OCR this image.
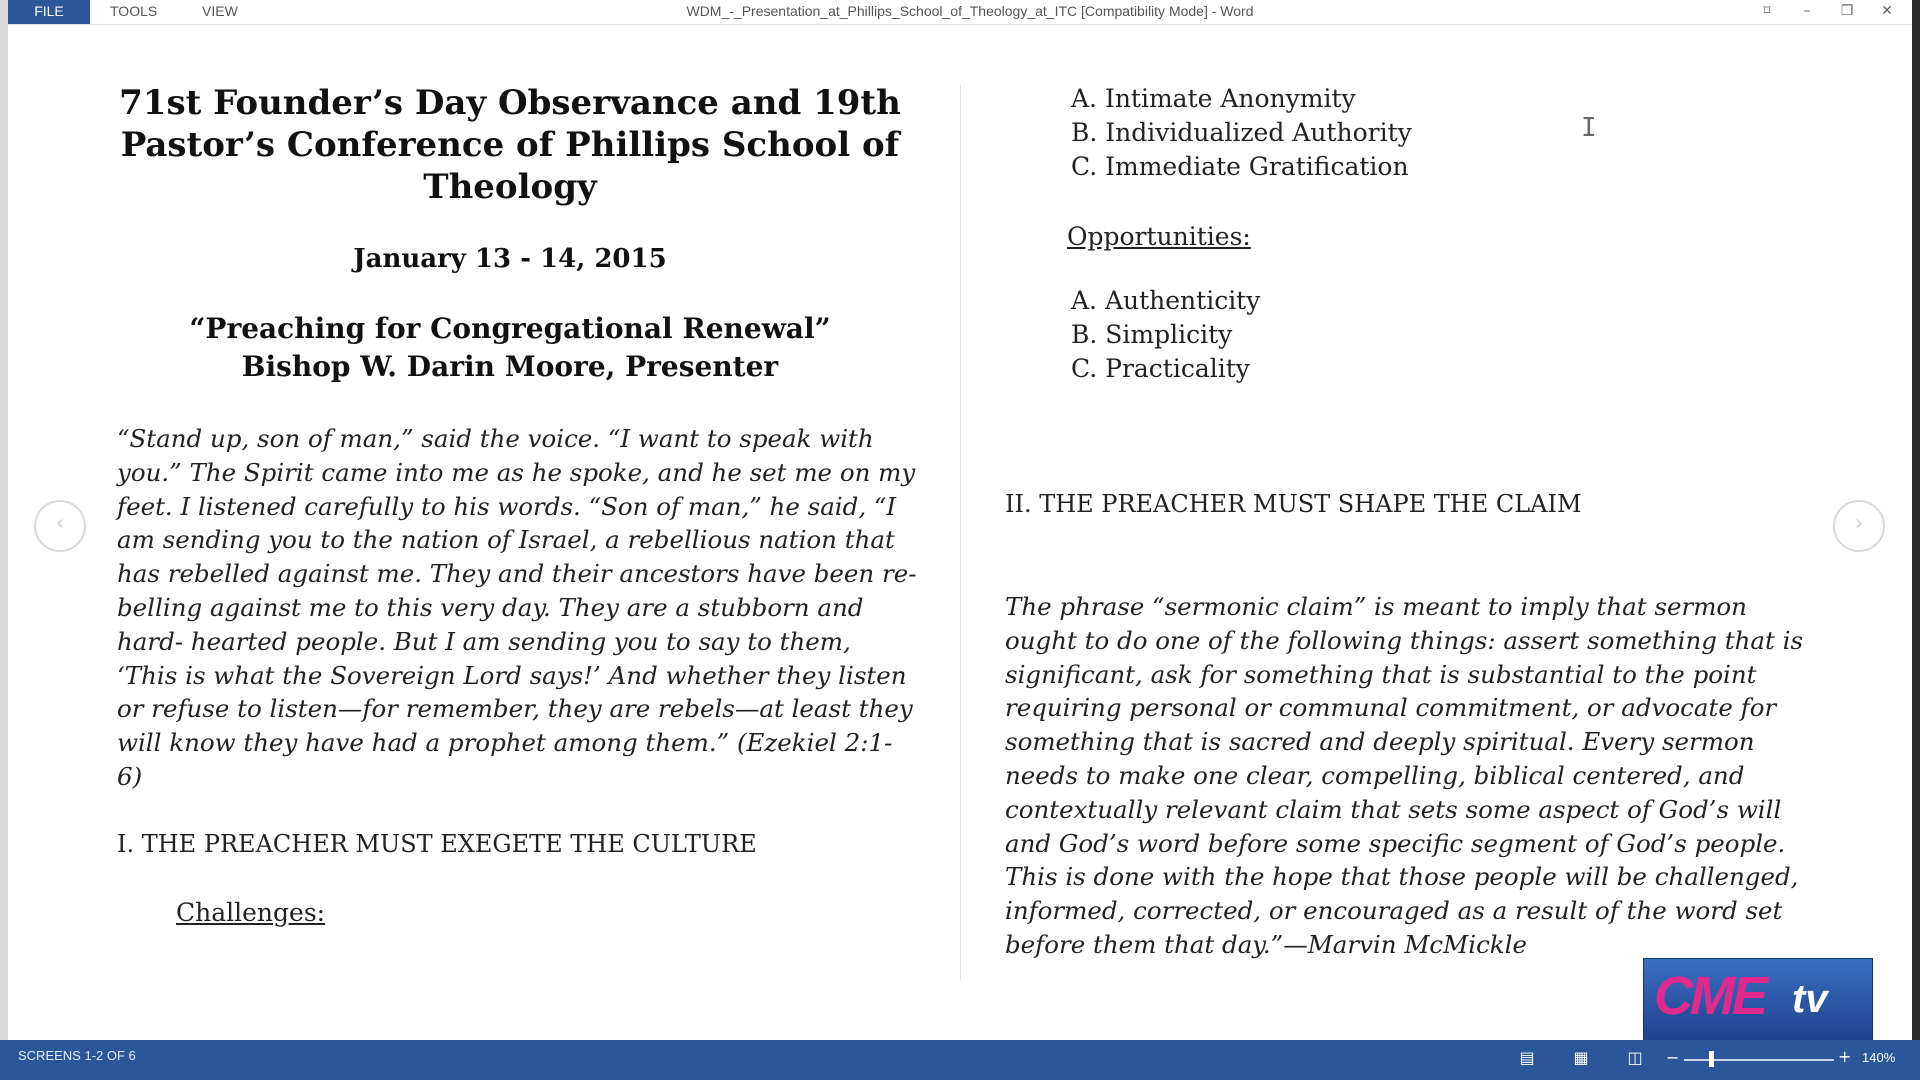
FILE	TOOLS	VIEW	WDM_-_Presentation_at_Phillips_School_of_Theology_at_ITC [Compatibility Mode] - Word	⌑	–	❐	✕
71st Founder’s Day Observance and 19th Pastor’s Conference of Phillips School of Theology
January 13 - 14, 2015
“Preaching for Congregational Renewal”
Bishop W. Darin Moore, Presenter
“Stand up, son of man,” said the voice. “I want to speak with you.” The Spirit came into me as he spoke, and he set me on my feet. I listened carefully to his words. “Son of man,” he said, “I am sending you to the nation of Israel, a rebellious nation that has rebelled against me. They and their ancestors have been re-belling against me to this very day. They are a stubborn and hard- hearted people. But I am sending you to say to them, ‘This is what the Sovereign Lord says!’ And whether they listen or refuse to listen—for remember, they are rebels—at least they will know they have had a prophet among them.” (Ezekiel 2:1-6)
I. THE PREACHER MUST EXEGETE THE CULTURE
Challenges:
A. Intimate Anonymity
B. Individualized Authority
C. Immediate Gratification
Opportunities:
A. Authenticity
B. Simplicity
C. Practicality
II. THE PREACHER MUST SHAPE THE CLAIM
The phrase “sermonic claim” is meant to imply that sermon ought to do one of the following things: assert something that is significant, ask for something that is substantial to the point requiring personal or communal commitment, or advocate for something that is sacred and deeply spiritual. Every sermon needs to make one clear, compelling, biblical centered, and contextually relevant claim that sets some aspect of God’s will and God’s word before some specific segment of God’s people. This is done with the hope that those people will be challenged, informed, corrected, or encouraged as a result of the word set before them that day.”—Marvin McMickle
‹	›
I
CME tv
SCREENS 1-2 OF 6	▤ ▦ ◫ −	+ 140%
